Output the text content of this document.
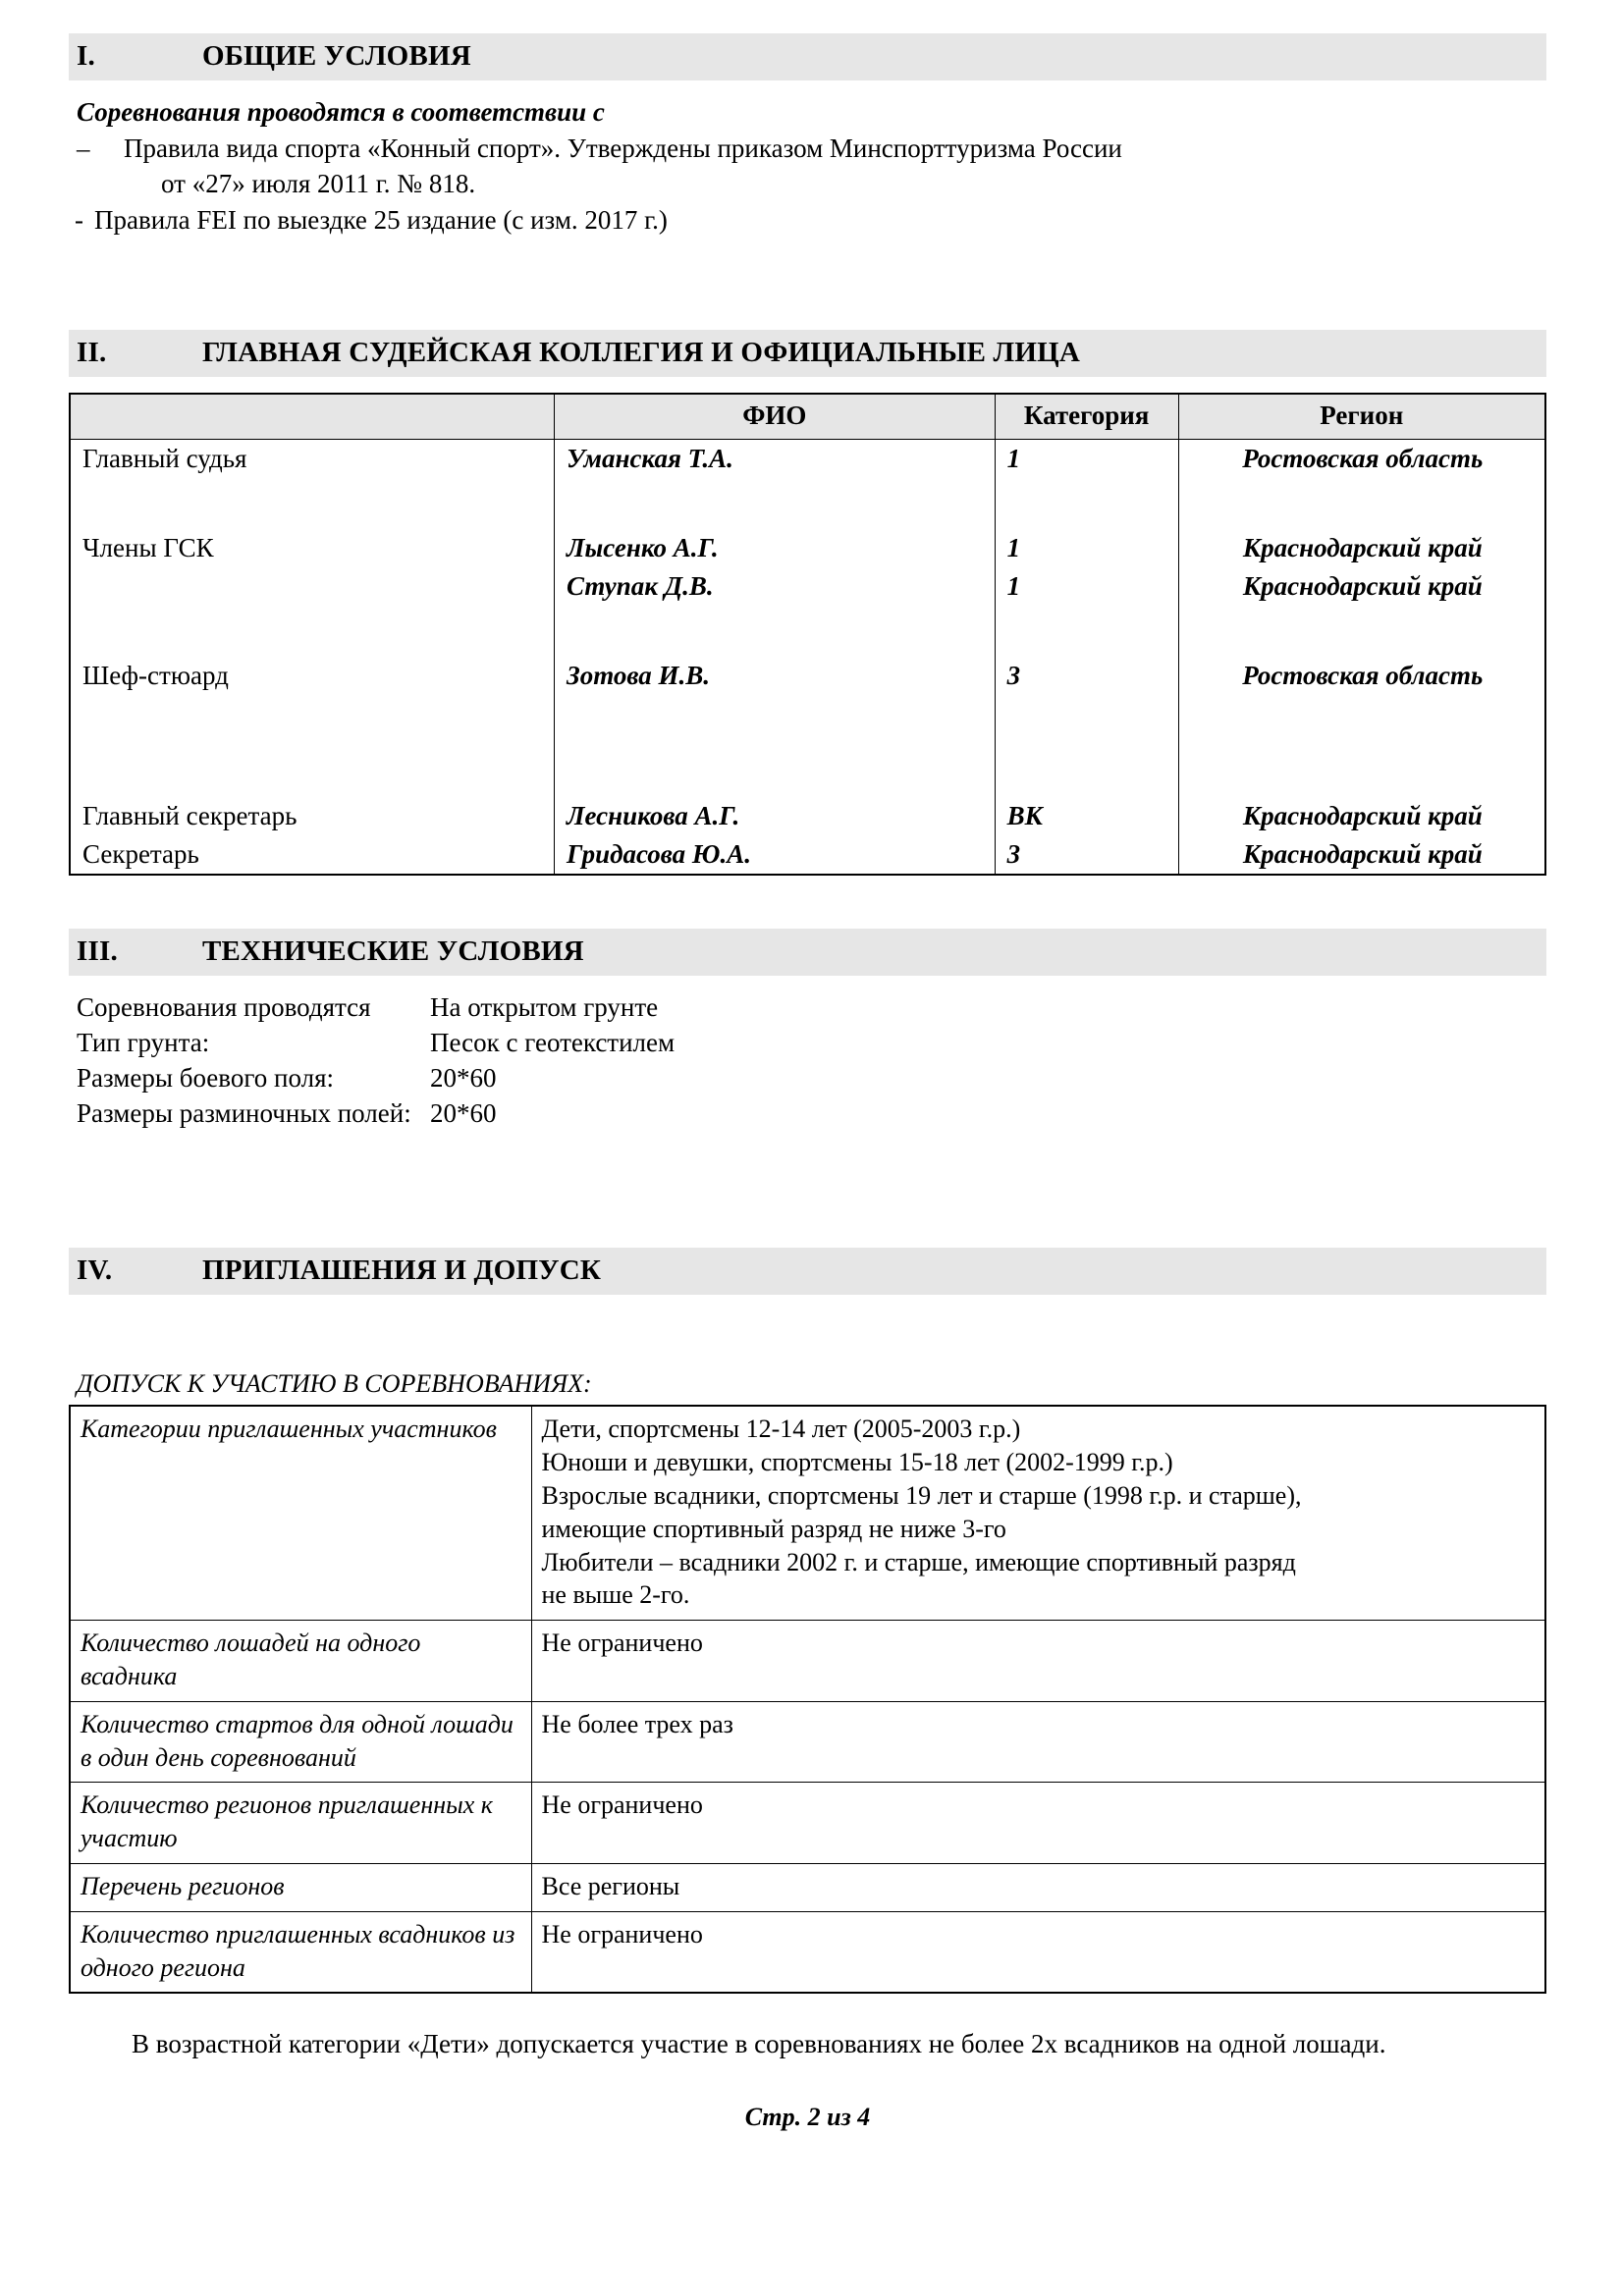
I.	ОБЩИЕ УСЛОВИЯ
Соревнования проводятся в соответствии с
–	Правила вида спорта «Конный спорт». Утверждены приказом Минспорттуризма России
от «27» июля 2011 г. № 818.
- Правила FEI по выездке 25 издание (с изм. 2017 г.)
II.	ГЛАВНАЯ СУДЕЙСКАЯ КОЛЛЕГИЯ И ОФИЦИАЛЬНЫЕ ЛИЦА
	ФИО	Категория	Регион
Главный судья	Уманская Т.А.	1	Ростовская область

Члены ГСК	Лысенко А.Г.	1	Краснодарский край
	Ступак Д.В.	1	Краснодарский край

Шеф-стюард	Зотова И.В.	3	Ростовская область

Главный секретарь	Лесникова А.Г.	ВК	Краснодарский край
Секретарь	Гридасова Ю.А.	3	Краснодарский край
III.	ТЕХНИЧЕСКИЕ УСЛОВИЯ
Соревнования проводятся	На открытом грунте
Тип грунта:	Песок с геотекстилем
Размеры боевого поля:	20*60
Размеры разминочных полей: 20*60
IV.	ПРИГЛАШЕНИЯ И ДОПУСК
ДОПУСК К УЧАСТИЮ В СОРЕВНОВАНИЯХ:
Категории приглашенных участников	Дети, спортсмены 12-14 лет (2005-2003 г.р.)
Юноши и девушки, спортсмены 15-18 лет (2002-1999 г.р.)
Взрослые всадники, спортсмены 19 лет и старше (1998 г.р. и старше),
имеющие спортивный разряд не ниже 3-го
Любители – всадники 2002 г. и старше, имеющие спортивный разряд
не выше 2-го.

Количество лошадей на одного всадника	Не ограничено

Количество стартов для одной лошади в один день соревнований	Не более трех раз

Количество регионов приглашенных к участию	Не ограничено

Перечень регионов	Все регионы

Количество приглашенных всадников из одного региона	Не ограничено

В возрастной категории «Дети» допускается участие в соревнованиях не более 2х всадников на одной лошади.

Стр. 2 из 4
